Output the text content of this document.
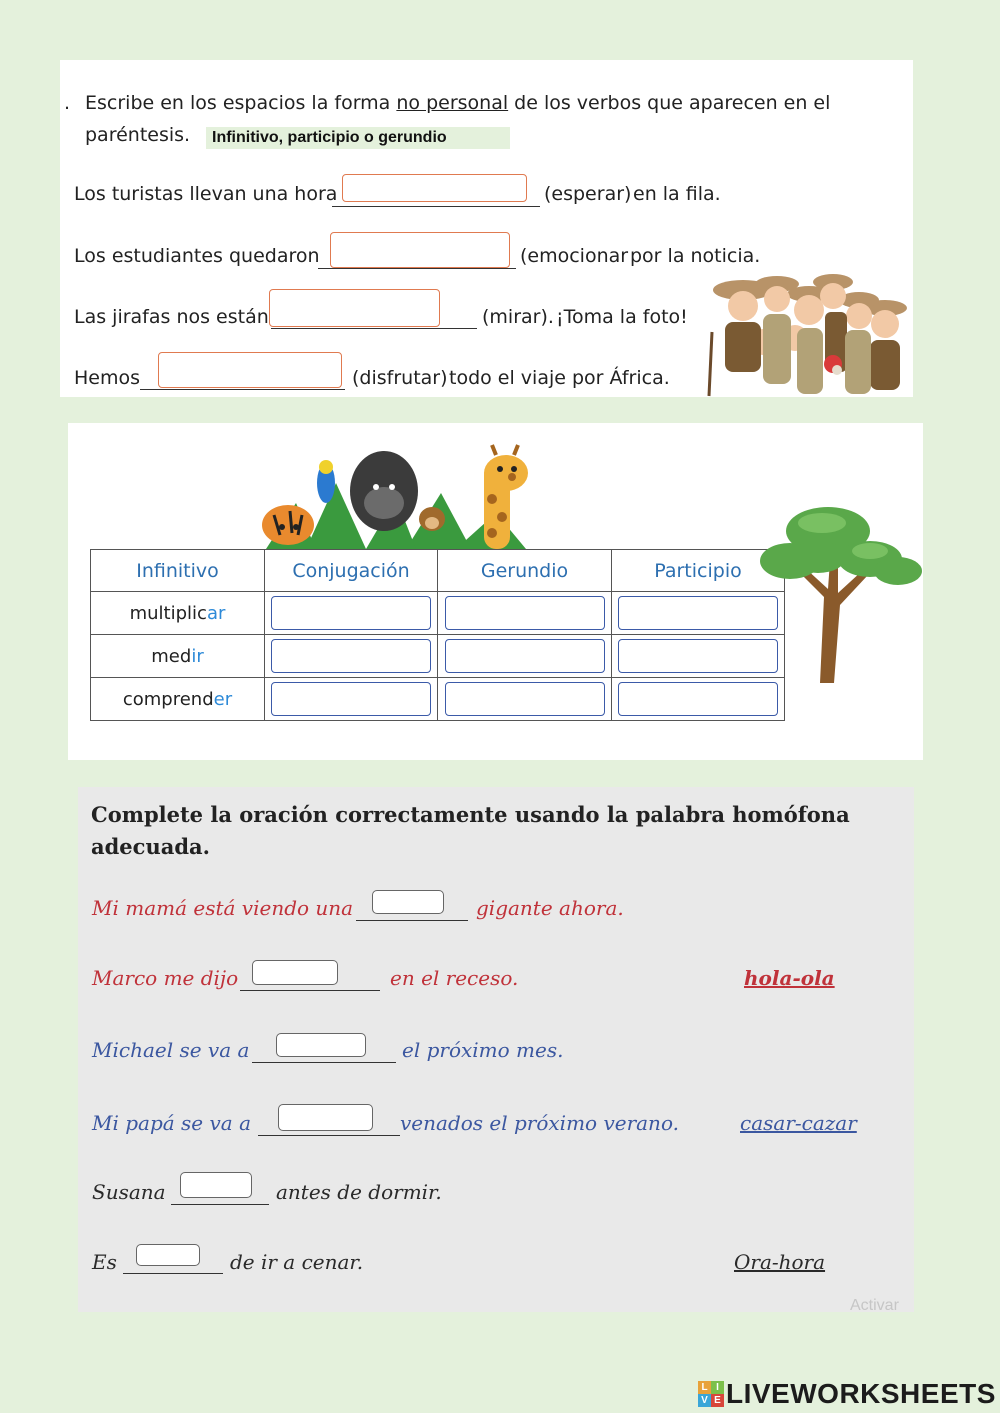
. Escribe en los espacios la forma no personal de los verbos que aparecen en el
paréntesis.	Infinitivo, participio o gerundio
Los turistas llevan una hora	(esperar) en la fila.
Los estudiantes quedaron	(emocionar por la noticia.
Las jirafas nos están	(mirar). ¡Toma la foto!
Hemos	(disfrutar) todo el viaje por África.
Infinitivo	Conjugación	Gerundio	Participio
multiplicar	

medir	

comprender	

Complete la oración correctamente usando la palabra homófona adecuada.
Mi mamá está viendo una	gigante ahora.
Marco me dijo	en el receso.	hola-ola
Michael se va a	el próximo mes.
Mi papá se va a	venados el próximo verano.	casar-cazar
Susana	antes de dormir.
Es	de ir a cenar.	Ora-hora
Activar
L I
V E LIVEWORKSHEETS
